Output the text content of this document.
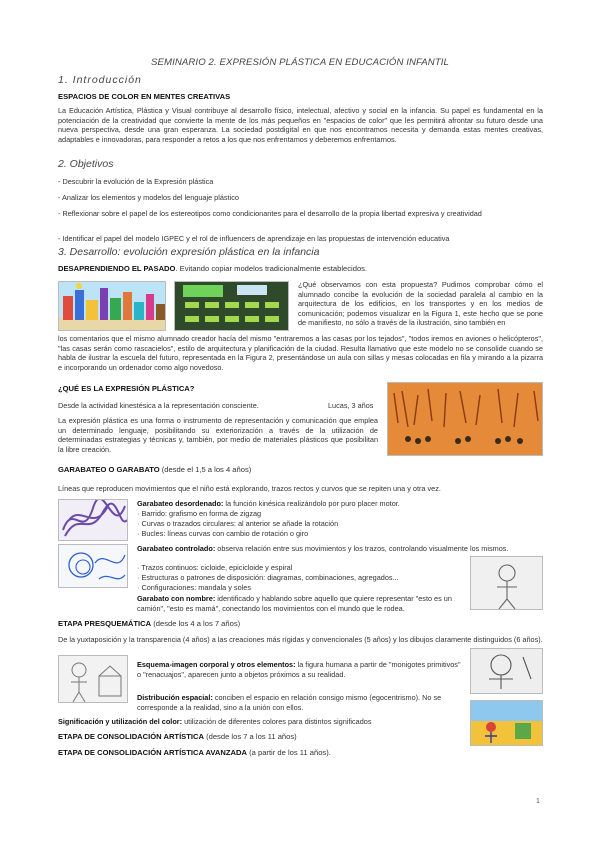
SEMINARIO 2. EXPRESIÓN PLÁSTICA EN EDUCACIÓN INFANTIL
1. Introducción
ESPACIOS DE COLOR EN MENTES CREATIVAS
La Educación Artística, Plástica y Visual contribuye al desarrollo físico, intelectual, afectivo y social en la infancia. Su papel es fundamental en la potenciación de la creatividad que convierte la mente de los más pequeños en "espacios de color" que les permitirá afrontar su futuro desde una nueva perspectiva, desde una gran esperanza. La sociedad postdigital en que nos encontramos necesita y demanda estas mentes creativas, adaptables e innovadoras, para responder a retos a los que nos enfrentamos y deberemos enfrentarnos.
2. Objetivos
- Descubrir la evolución de la Expresión plástica
- Analizar los elementos y modelos del lenguaje plástico
- Reflexionar sobre el papel de los estereotipos como condicionantes para el desarrollo de la propia libertad expresiva y creatividad
- Identificar el papel del modelo IGPEC y el rol de influencers de aprendizaje en las propuestas de intervención educativa
3. Desarrollo: evolución expresión plástica en la infancia
DESAPRENDIENDO EL PASADO. Evitando copiar modelos tradicionalmente establecidos.
¿Qué observamos con esta propuesta? Pudimos comprobar cómo el alumnado concibe la evolución de la sociedad paralela al cambio en la arquitectura de los edificios, en los transportes y en los medios de comunicación; podemos visualizar en la Figura 1, este hecho que se pone de manifiesto, no sólo a través de la ilustración, sino también en
los comentarios que el mismo alumnado creador hacía del mismo "entraremos a las casas por los tejados", "todos iremos en aviones o helicópteros", "las casas serán como rascacielos", estilo de arquitectura y planificación de la ciudad. Resulta llamativo que este modelo no se consolide cuando se habla de ilustrar la escuela del futuro, representada en la Figura 2, presentándose un aula con sillas y mesas colocadas en fila y mirando a la pizarra e incorporando un ordenador como algo novedoso.
¿QUÉ ES LA EXPRESIÓN PLÁSTICA?
Desde la actividad kinestésica a la representación consciente.	Lucas, 3 años
La expresión plástica es una forma o instrumento de representación y comunicación que emplea un determinado lenguaje, posibilitando su exteriorización a través de la utilización de determinadas estrategias y técnicas y, también, por medio de materiales plásticos que posibilitan la libre creación.
GARABATEO O GARABATO (desde el 1,5 a los 4 años)
Líneas que reproducen movimientos que el niño está explorando, trazos rectos y curvos que se repiten una y otra vez.
Garabateo desordenado: la función kinésica realizándolo por puro placer motor.
· Barrido: grafismo en forma de zigzag
· Curvas o trazados circulares: al anterior se añade la rotación
· Bucles: líneas curvas con cambio de rotación o giro
Garabateo controlado: observa relación entre sus movimientos y los trazos, controlando visualmente los mismos.
· Trazos continuos: cicloide, epicicloide y espiral
· Estructuras o patrones de disposición: diagramas, combinaciones, agregados...
· Configuraciones: mandala y soles
Garabato con nombre: identificado y hablando sobre aquello que quiere representar "esto es un camión", "esto es mamá", conectando los movimientos con el mundo que le rodea.
ETAPA PRESQUEMÁTICA (desde los 4 a los 7 años)
De la yuxtaposición y la transparencia (4 años) a las creaciones más rígidas y convencionales (5 años) y los dibujos claramente distinguidos (6 años).
Esquema-imagen corporal y otros elementos: la figura humana a partir de "monigotes primitivos" o "renacuajos", aparecen junto a objetos próximos a su realidad.
Distribución espacial: conciben el espacio en relación consigo mismo (egocentrismo). No se corresponde a la realidad, sino a la unión con ellos.
Significación y utilización del color: utilización de diferentes colores para distintos significados
ETAPA DE CONSOLIDACIÓN ARTÍSTICA (desde los 7 a los 11 años)
ETAPA DE CONSOLIDACIÓN ARTÍSTICA AVANZADA (a partir de los 11 años).
1
